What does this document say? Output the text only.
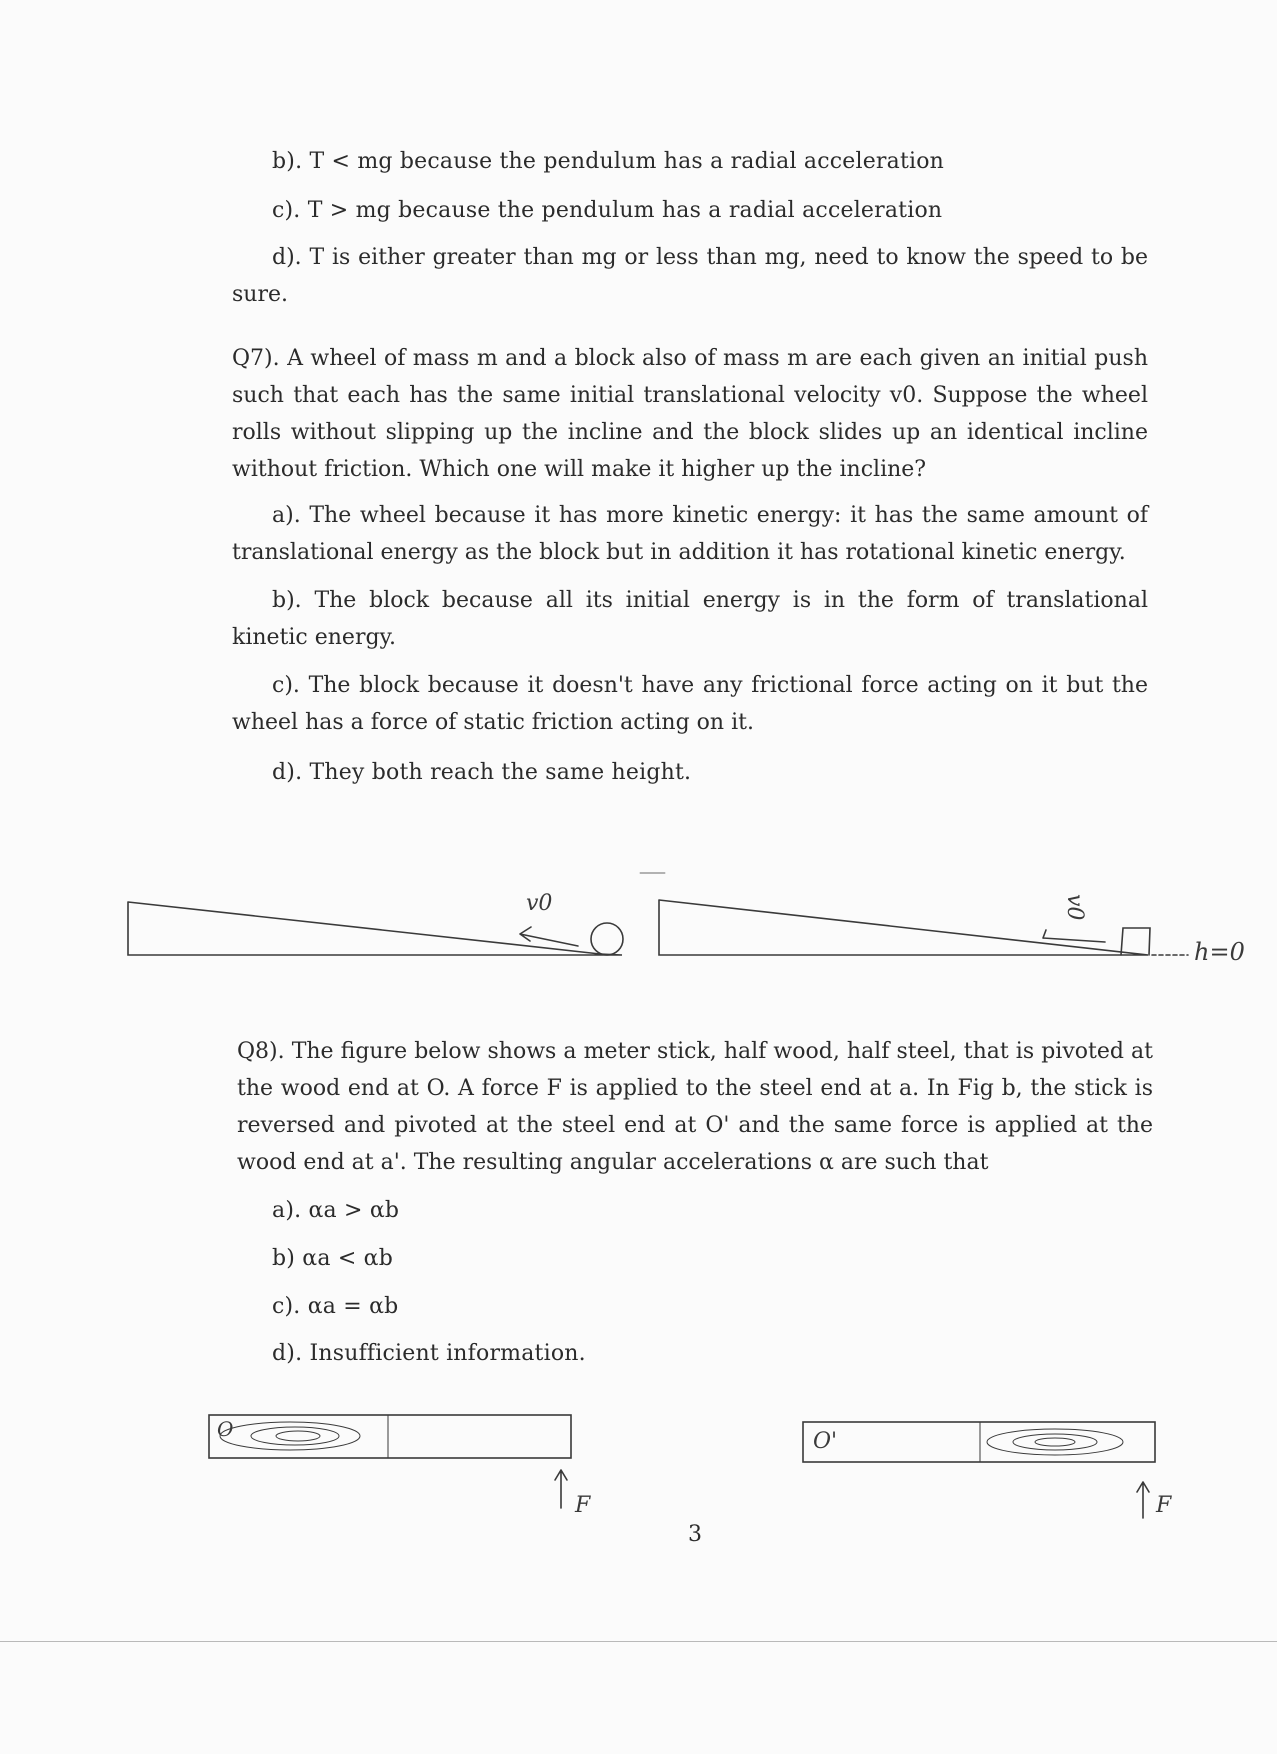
b). T < mg because the pendulum has a radial acceleration
c). T > mg because the pendulum has a radial acceleration
d). T is either greater than mg or less than mg, need to know the speed to be sure.
Q7). A wheel of mass m and a block also of mass m are each given an initial push such that each has the same initial translational velocity v0. Suppose the wheel rolls without slipping up the incline and the block slides up an identical incline without friction. Which one will make it higher up the incline?
a). The wheel because it has more kinetic energy: it has the same amount of translational energy as the block but in addition it has rotational kinetic energy.
b). The block because all its initial energy is in the form of translational kinetic energy.
c). The block because it doesn't have any frictional force acting on it but the wheel has a force of static friction acting on it.
d). They both reach the same height.
v0	v0
h=0
Q8). The figure below shows a meter stick, half wood, half steel, that is pivoted at the wood end at O. A force F is applied to the steel end at a. In Fig b, the stick is reversed and pivoted at the steel end at O' and the same force is applied at the wood end at a'. The resulting angular accelerations α are such that
a). αa > αb
b) αa < αb
c). αa = αb
d). Insufficient information.
O
F
O'
F
3
